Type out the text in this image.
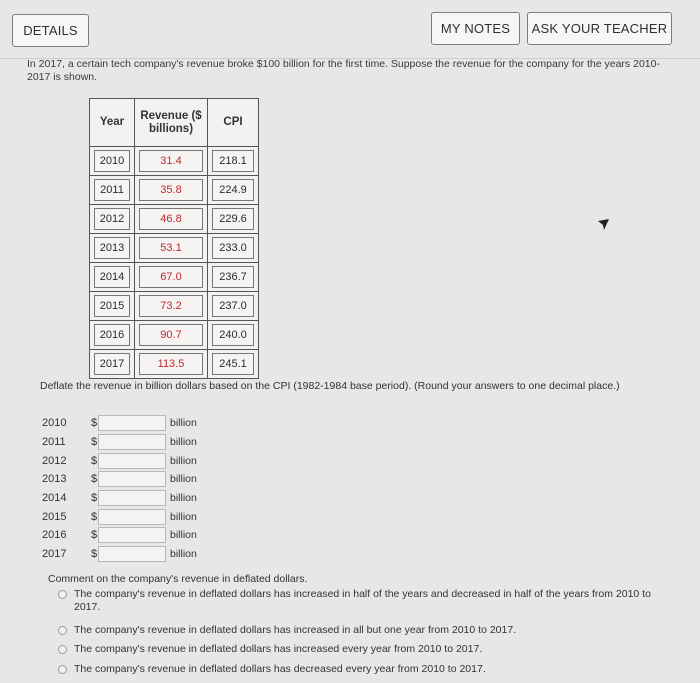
DETAILS	MY NOTES	ASK YOUR TEACHER
In 2017, a certain tech company's revenue broke $100 billion for the first time. Suppose the revenue for the company for the years 2010-2017 is shown.
Year	Revenue ($ billions)	CPI

2010	31.4	218.1

2011	35.8	224.9

2012	46.8	229.6

2013	53.1	233.0

2014	67.0	236.7

2015	73.2	237.0

2016	90.7	240.0

2017	113.5	245.1
Deflate the revenue in billion dollars based on the CPI (1982-1984 base period). (Round your answers to one decimal place.)
2010 $	billion
2011 $	billion
2012 $	billion
2013 $	billion
2014 $	billion
2015 $	billion
2016 $	billion
2017 $	billion
Comment on the company's revenue in deflated dollars.
The company's revenue in deflated dollars has increased in half of the years and decreased in half of the years from 2010 to 2017.
The company's revenue in deflated dollars has increased in all but one year from 2010 to 2017.
The company's revenue in deflated dollars has increased every year from 2010 to 2017.
The company's revenue in deflated dollars has decreased every year from 2010 to 2017.
